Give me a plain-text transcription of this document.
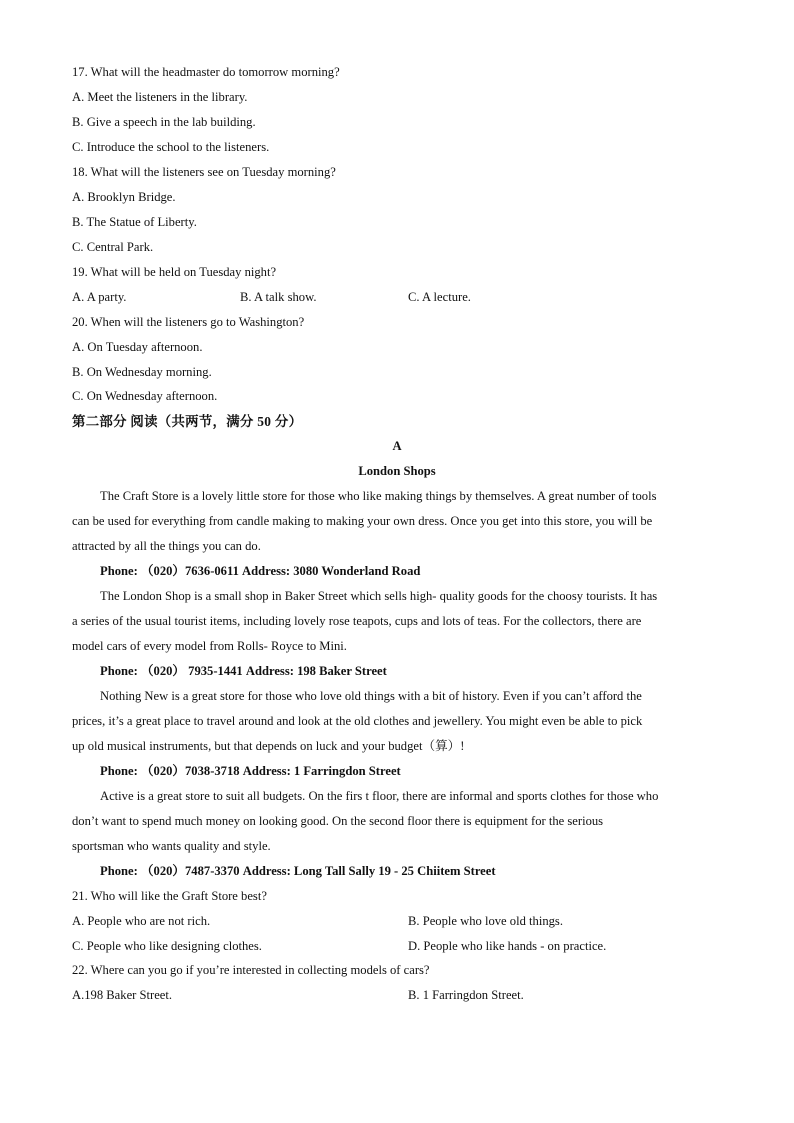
17. What will the headmaster do tomorrow morning?
A. Meet the listeners in the library.
B. Give a speech in the lab building.
C. Introduce the school to the listeners.
18. What will the listeners see on Tuesday morning?
A. Brooklyn Bridge.
B. The Statue of Liberty.
C. Central Park.
19. What will be held on Tuesday night?
A. A party.	B. A talk show.	C. A lecture.
20. When will the listeners go to Washington?
A. On Tuesday afternoon.
B. On Wednesday morning.
C. On Wednesday afternoon.
第二部分 阅读（共两节，满分 50 分）
A
London Shops
The Craft Store is a lovely little store for those who like making things by themselves. A great number of tools
can be used for everything from candle making to making your own dress. Once you get into this store, you will be
attracted by all the things you can do.
Phone: （020）7636-0611 Address: 3080 Wonderland Road
The London Shop is a small shop in Baker Street which sells high- quality goods for the choosy tourists. It has
a series of the usual tourist items, including lovely rose teapots, cups and lots of teas. For the collectors, there are
model cars of every model from Rolls- Royce to Mini.
Phone: （020） 7935-1441 Address: 198 Baker Street
Nothing New is a great store for those who love old things with a bit of history. Even if you can’t afford the
prices, it’s a great place to travel around and look at the old clothes and jewellery. You might even be able to pick
up old musical instruments, but that depends on luck and your budget（算）!
Phone: （020）7038-3718 Address: 1 Farringdon Street
Active is a great store to suit all budgets. On the firs t floor, there are informal and sports clothes for those who
don’t want to spend much money on looking good. On the second floor there is equipment for the serious
sportsman who wants quality and style.
Phone: （020）7487-3370 Address: Long Tall Sally 19 - 25 Chiitem Street
21. Who will like the Graft Store best?
A. People who are not rich.	B. People who love old things.
C. People who like designing clothes.	D. People who like hands - on practice.
22. Where can you go if you’re interested in collecting models of cars?
A.198 Baker Street.	B. 1 Farringdon Street.
